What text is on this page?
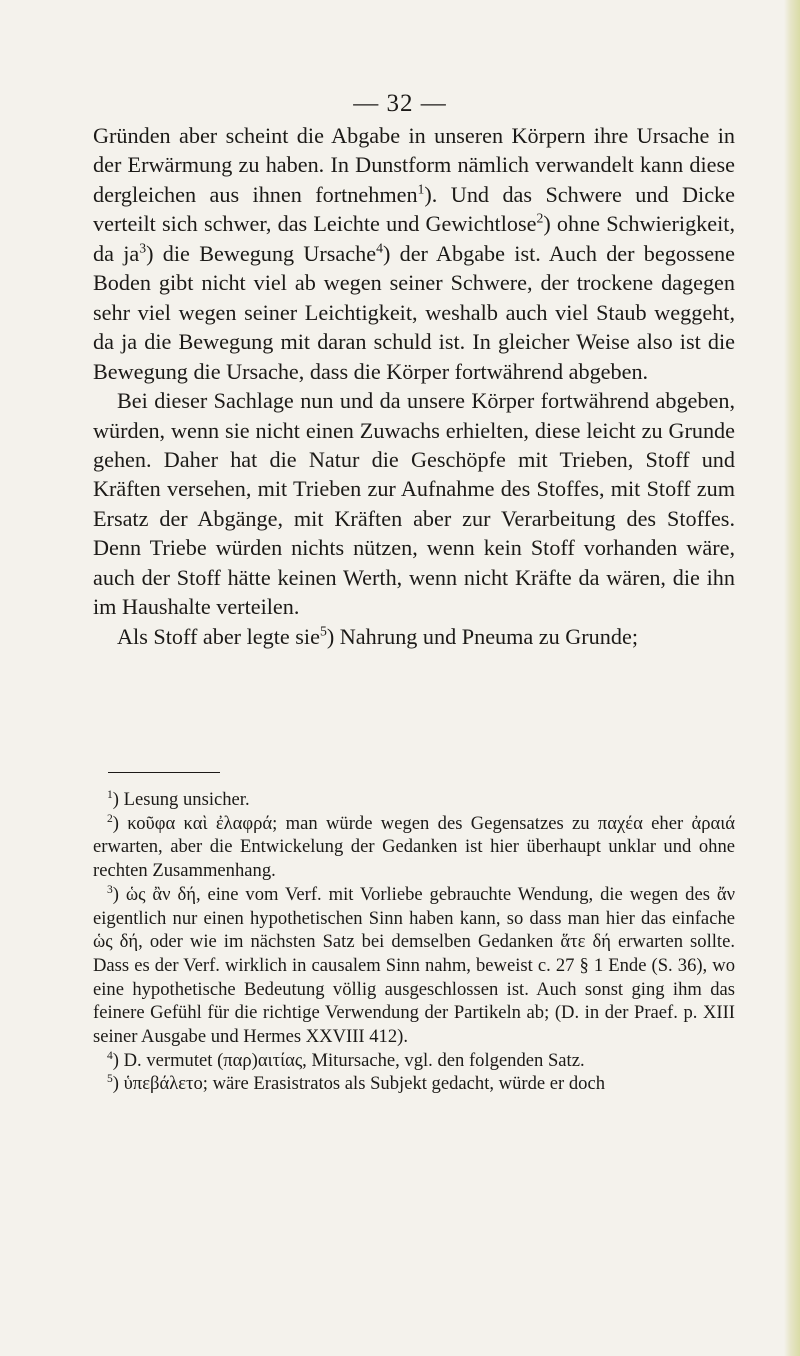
— 32 —

Gründen aber scheint die Abgabe in unseren Körpern ihre Ursache in der Erwärmung zu haben. In Dunstform nämlich verwandelt kann diese dergleichen aus ihnen fortnehmen$^1$). Und das Schwere und Dicke verteilt sich schwer, das Leichte und Gewichtlose$^2$) ohne Schwierigkeit, da $ja^3$) die Bewegung Ursache$^4$) der Abgabe ist. Auch der begossene Boden gibt nicht viel ab wegen seiner Schwere, der trockene dagegen sehr viel wegen seiner Leichtigkeit, weshalb auch viel Staub weggeht, da ja die Bewegung mit daran schuld ist. In gleicher Weise also ist die Bewegung die Ursache, dass die Körper fortwährend abgeben.

Bei dieser Sachlage nun und da unsere Körper fortwährend abgeben, würden, wenn sie nicht einen Zuwachs erhielten, diese leicht zu Grunde gehen. Daher hat die Natur die Geschöpfe mit Trieben, Stoff und Kräften versehen, mit Trieben zur Aufnahme des Stoffes, mit Stoff zum Ersatz der Abgänge, mit Kräften aber zur Verarbeitung des Stoffes. Denn Triebe würden nichts nützen, wenn kein Stoff vorhanden wäre, auch der Stoff hätte keinen Werth, wenn nicht Kräfte da wären, die ihn im Haushalte verteilen.

Als Stoff aber legte sie$^5$) Nahrung und Pneuma zu Grunde;

$^1$) Lesung unsicher.

$^2$) κοῦφα καὶ ἐλαφρά; man würde wegen des Gegensatzes zu παχέα eher ἀραιά erwarten, aber die Entwickelung der Gedanken ist hier überhaupt unklar und ohne rechten Zusammenhang.

$^3$) ὡς ἂν δή, eine vom Verf. mit Vorliebe gebrauchte Wendung, die wegen des ἄν eigentlich nur einen hypothetischen Sinn haben kann, so dass man hier das einfache ὡς δή, oder wie im nächsten Satz bei demselben Gedanken ἅτε δή erwarten sollte. Dass es der Verf. wirklich in causalem Sinn nahm, beweist c. 27 § 1 Ende (S. 36), wo eine hypothetische Bedeutung völlig ausgeschlossen ist. Auch sonst ging ihm das feinere Gefühl für die richtige Verwendung der Partikeln ab; (D. in der Praef. p. XIII seiner Ausgabe und Hermes XXVIII 412).

$^4$) D. vermutet (παρ)αιτίας, Mitursache, vgl. den folgenden Satz.

$^5$) ὑπεβάλετο; wäre Erasistratos als Subjekt gedacht, würde er doch
